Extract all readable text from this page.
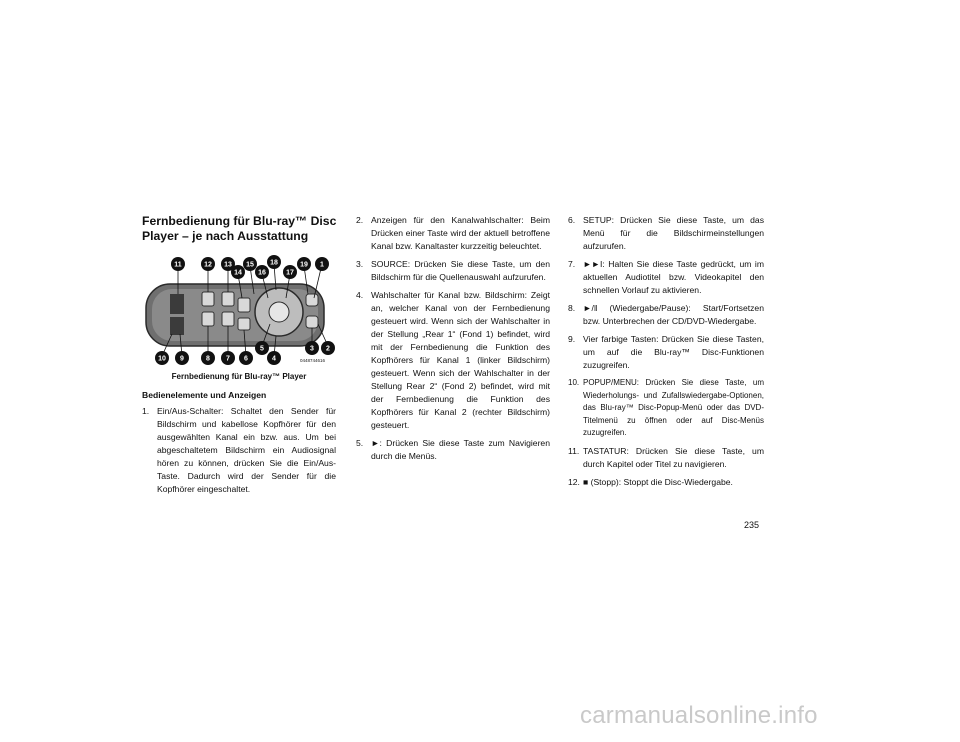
Fernbedienung für Blu-ray™ Disc Player – je nach Ausstattung
11	12 13
14
15
16
18	19
17
1
10 9	8 7 6
5
4
3 2
0448744616
Fernbedienung für Blu-ray™ Player
Bedienelemente und Anzeigen
1. Ein/Aus-Schalter: Schaltet den Sender für Bildschirm und kabellose Kopfhörer für den ausgewählten Kanal ein bzw. aus. Um bei abgeschaltetem Bildschirm ein Audiosignal hören zu können, drücken Sie die Ein/Aus-Taste. Dadurch wird der Sender für die Kopfhörer eingeschaltet.
2. Anzeigen für den Kanalwahlschalter: Beim Drücken einer Taste wird der aktuell betroffene Kanal bzw. Kanaltaster kurzzeitig beleuchtet.
3. SOURCE: Drücken Sie diese Taste, um den Bildschirm für die Quellenauswahl aufzurufen.
4. Wahlschalter für Kanal bzw. Bildschirm: Zeigt an, welcher Kanal von der Fernbedienung gesteuert wird. Wenn sich der Wahlschalter in der Stellung „Rear 1“ (Fond 1) befindet, wird mit der Fernbedienung die Funktion des Kopfhörers für Kanal 1 (linker Bildschirm) gesteuert. Wenn sich der Wahlschalter in der Stellung Rear 2“ (Fond 2) befindet, wird mit der Fernbedienung die Funktion des Kopfhörers für Kanal 2 (rechter Bildschirm) gesteuert.
5. ►: Drücken Sie diese Taste zum Navigieren durch die Menüs.
6. SETUP: Drücken Sie diese Taste, um das Menü für die Bildschirmeinstellungen aufzurufen.
7. ►►I: Halten Sie diese Taste gedrückt, um im aktuellen Audiotitel bzw. Videokapitel den schnellen Vorlauf zu aktivieren.
8. ►/‖ (Wiedergabe/Pause): Start/Fortsetzen bzw. Unterbrechen der CD/DVD-Wiedergabe.
9. Vier farbige Tasten: Drücken Sie diese Tasten, um auf die Blu-ray™ Disc-Funktionen zuzugreifen.
10. POPUP/MENU: Drücken Sie diese Taste, um Wiederholungs- und Zufallswiedergabe-Optionen, das Blu-ray™ Disc-Popup-Menü oder das DVD-Titelmenü zu öffnen oder auf Disc-Menüs zuzugreifen.
11. TASTATUR: Drücken Sie diese Taste, um durch Kapitel oder Titel zu navigieren.
12. ■ (Stopp): Stoppt die Disc-Wiedergabe.
235
carmanualsonline.info
